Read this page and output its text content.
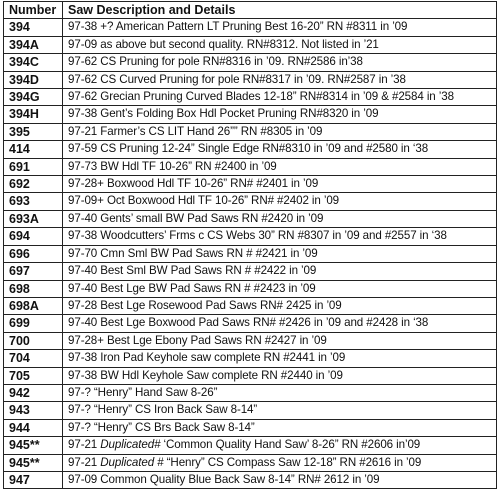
Number	Saw Description and Details
394	97-38 +? American Pattern LT Pruning Best 16-20” RN #8311 in ’09
394A	97-09 as above but second quality. RN#8312. Not listed in ’21
394C	97-62 CS Pruning for pole RN#8316 in ’09. RN#2586 in’38
394D	97-62 CS Curved Pruning for pole RN#8317 in ’09. RN#2587 in ’38
394G	97-62 Grecian Pruning Curved Blades 12-18” RN#8314 in ’09 & #2584 in ’38
394H	97-38 Gent’s Folding Box Hdl Pocket Pruning RN#8320 in ’09
395	97-21 Farmer’s CS LIT Hand 26”” RN #8305 in ’09
414	97-59 CS Pruning 12-24” Single Edge RN#8310 in ’09 and #2580 in ‘38
691	97-73 BW Hdl TF 10-26” RN #2400 in ’09
692	97-28+ Boxwood Hdl TF 10-26” RN# #2401 in ’09
693	97-09+ Oct Boxwood Hdl TF 10-26” RN# #2402 in ’09
693A	97-40 Gents’ small BW Pad Saws RN #2420 in ’09
694	97-38 Woodcutters’ Frms c CS Webs 30” RN #8307 in ’09 and #2557 in ‘38
696	97-70 Cmn Sml BW Pad Saws RN # #2421 in ’09
697	97-40 Best Sml BW Pad Saws RN # #2422 in ’09
698	97-40 Best Lge BW Pad Saws RN # #2423 in ’09
698A	97-28 Best Lge Rosewood Pad Saws RN# 2425 in ’09
699	97-40 Best Lge Boxwood Pad Saws RN# #2426 in ’09 and #2428 in ‘38
700	97-28+ Best Lge Ebony Pad Saws RN #2427 in ’09
704	97-38 Iron Pad Keyhole saw complete RN #2441 in ’09
705	97-38 BW Hdl Keyhole Saw complete RN #2440 in ’09
942	97-? “Henry” Hand Saw 8-26”
943	97-? “Henry” CS Iron Back Saw 8-14”
944	97-? “Henry” CS Brs Back Saw 8-14”
945**	97-21 Duplicated# ‘Common Quality Hand Saw’ 8-26” RN #2606 in’09
945**	97-21 Duplicated # “Henry” CS Compass Saw 12-18” RN #2616 in ’09
947	97-09 Common Quality Blue Back Saw 8-14” RN# 2612 in ’09
